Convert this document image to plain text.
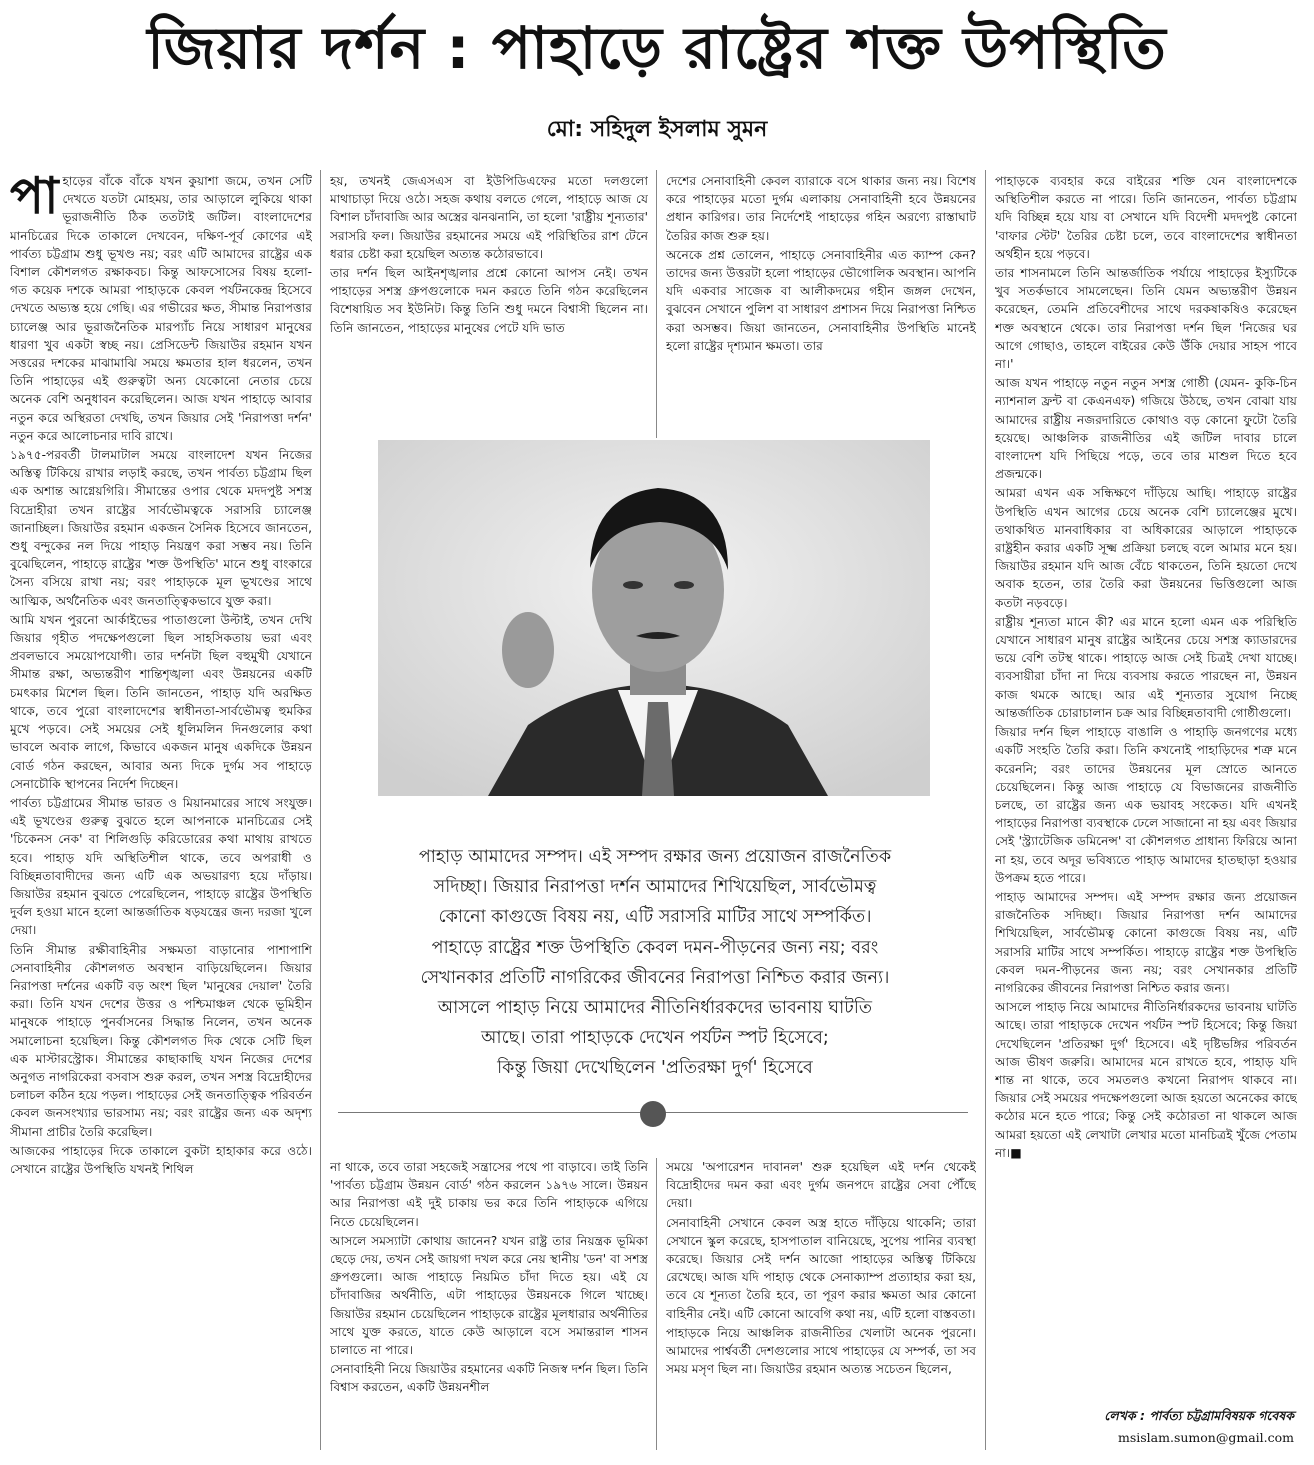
জিয়ার দর্শন : পাহাড়ে রাষ্ট্রের শক্ত উপস্থিতি
মো: সহিদুল ইসলাম সুমন
পা হাড়ের বাঁকে বাঁকে যখন কুয়াশা জমে, তখন সেটি দেখতে যতটা মোহময়, তার আড়ালে লুকিয়ে থাকা ভূরাজনীতি ঠিক ততটাই জটিল। বাংলাদেশের মানচিত্রের দিকে তাকালে দেখবেন, দক্ষিণ-পূর্ব কোণের এই পার্বত্য চট্টগ্রাম শুধু ভূখণ্ড নয়; বরং এটি আমাদের রাষ্ট্রের এক বিশাল কৌশলগত রক্ষাকবচ। কিন্তু আফসোসের বিষয় হলো- গত কয়েক দশকে আমরা পাহাড়কে কেবল পর্যটনকেন্দ্র হিসেবে দেখতে অভ্যস্ত হয়ে গেছি। এর গভীরের ক্ষত, সীমান্ত নিরাপত্তার চ্যালেঞ্জ আর ভূরাজনৈতিক মারপ্যাঁচ নিয়ে সাধারণ মানুষের ধারণা খুব একটা স্বচ্ছ নয়। প্রেসিডেন্ট জিয়াউর রহমান যখন সত্তরের দশকের মাঝামাঝি সময়ে ক্ষমতার হাল ধরলেন, তখন তিনি পাহাড়ের এই গুরুত্বটা অন্য যেকোনো নেতার চেয়ে অনেক বেশি অনুধাবন করেছিলেন। আজ যখন পাহাড়ে আবার নতুন করে অস্থিরতা দেখছি, তখন জিয়ার সেই 'নিরাপত্তা দর্শন' নতুন করে আলোচনার দাবি রাখে।

১৯৭৫-পরবর্তী টালমাটাল সময়ে বাংলাদেশ যখন নিজের অস্তিত্ব টিকিয়ে রাখার লড়াই করছে, তখন পার্বত্য চট্টগ্রাম ছিল এক অশান্ত আগ্নেয়গিরি। সীমান্তের ওপার থেকে মদদপুষ্ট সশস্ত্র বিদ্রোহীরা তখন রাষ্ট্রের সার্বভৌমত্বকে সরাসরি চ্যালেঞ্জ জানাচ্ছিল। জিয়াউর রহমান একজন সৈনিক হিসেবে জানতেন, শুধু বন্দুকের নল দিয়ে পাহাড় নিয়ন্ত্রণ করা সম্ভব নয়। তিনি বুঝেছিলেন, পাহাড়ে রাষ্ট্রের 'শক্ত উপস্থিতি' মানে শুধু বাংকারে সৈন্য বসিয়ে রাখা নয়; বরং পাহাড়কে মূল ভূখণ্ডের সাথে আত্মিক, অর্থনৈতিক এবং জনতাত্ত্বিকভাবে যুক্ত করা।

আমি যখন পুরনো আর্কাইভের পাতাগুলো উল্টাই, তখন দেখি জিয়ার গৃহীত পদক্ষেপগুলো ছিল সাহসিকতায় ভরা এবং প্রবলভাবে সময়োপযোগী। তার দর্শনটা ছিল বহুমুখী যেখানে সীমান্ত রক্ষা, অভ্যন্তরীণ শান্তিশৃঙ্খলা এবং উন্নয়নের একটি চমৎকার মিশেল ছিল। তিনি জানতেন, পাহাড় যদি অরক্ষিত থাকে, তবে পুরো বাংলাদেশের স্বাধীনতা-সার্বভৌমত্ব হুমকির মুখে পড়বে। সেই সময়ের সেই ধূলিমলিন দিনগুলোর কথা ভাবলে অবাক লাগে, কিভাবে একজন মানুষ একদিকে উন্নয়ন বোর্ড গঠন করছেন, আবার অন্য দিকে দুর্গম সব পাহাড়ে সেনাচৌকি স্থাপনের নির্দেশ দিচ্ছেন।

পার্বত্য চট্টগ্রামের সীমান্ত ভারত ও মিয়ানমারের সাথে সংযুক্ত। এই ভূখণ্ডের গুরুত্ব বুঝতে হলে আপনাকে মানচিত্রের সেই 'চিকেনস নেক' বা শিলিগুড়ি করিডোরের কথা মাথায় রাখতে হবে। পাহাড় যদি অস্থিতিশীল থাকে, তবে অপরাধী ও বিচ্ছিন্নতাবাদীদের জন্য এটি এক অভয়ারণ্য হয়ে দাঁড়ায়। জিয়াউর রহমান বুঝতে পেরেছিলেন, পাহাড়ে রাষ্ট্রের উপস্থিতি দুর্বল হওয়া মানে হলো আন্তর্জাতিক ষড়যন্ত্রের জন্য দরজা খুলে দেয়া।

তিনি সীমান্ত রক্ষীবাহিনীর সক্ষমতা বাড়ানোর পাশাপাশি সেনাবাহিনীর কৌশলগত অবস্থান বাড়িয়েছিলেন। জিয়ার নিরাপত্তা দর্শনের একটি বড় অংশ ছিল 'মানুষের দেয়াল' তৈরি করা। তিনি যখন দেশের উত্তর ও পশ্চিমাঞ্চল থেকে ভূমিহীন মানুষকে পাহাড়ে পুনর্বাসনের সিদ্ধান্ত নিলেন, তখন অনেক সমালোচনা হয়েছিল। কিন্তু কৌশলগত দিক থেকে সেটি ছিল এক মাস্টারস্ট্রোক। সীমান্তের কাছাকাছি যখন নিজের দেশের অনুগত নাগরিকেরা বসবাস শুরু করল, তখন সশস্ত্র বিদ্রোহীদের চলাচল কঠিন হয়ে পড়ল। পাহাড়ের সেই জনতাত্ত্বিক পরিবর্তন কেবল জনসংখ্যার ভারসাম্য নয়; বরং রাষ্ট্রের জন্য এক অদৃশ্য সীমানা প্রাচীর তৈরি করেছিল।

আজকের পাহাড়ের দিকে তাকালে বুকটা হাহাকার করে ওঠে। সেখানে রাষ্ট্রের উপস্থিতি যখনই শিথিল

হয়, তখনই জেএসএস বা ইউপিডিএফের মতো দলগুলো মাথাচাড়া দিয়ে ওঠে। সহজ কথায় বলতে গেলে, পাহাড়ে আজ যে বিশাল চাঁদাবাজি আর অস্ত্রের ঝনঝনানি, তা হলো 'রাষ্ট্রীয় শূন্যতার' সরাসরি ফল। জিয়াউর রহমানের সময়ে এই পরিস্থিতির রাশ টেনে ধরার চেষ্টা করা হয়েছিল অত্যন্ত কঠোরভাবে।

তার দর্শন ছিল আইনশৃঙ্খলার প্রশ্নে কোনো আপস নেই। তখন পাহাড়ের সশস্ত্র গ্রুপগুলোকে দমন করতে তিনি গঠন করেছিলেন বিশেষায়িত সব ইউনিট। কিন্তু তিনি শুধু দমনে বিশ্বাসী ছিলেন না। তিনি জানতেন, পাহাড়ের মানুষের পেটে যদি ভাত

দেশের সেনাবাহিনী কেবল ব্যারাকে বসে থাকার জন্য নয়। বিশেষ করে পাহাড়ের মতো দুর্গম এলাকায় সেনাবাহিনী হবে উন্নয়নের প্রধান কারিগর। তার নির্দেশেই পাহাড়ের গহিন অরণ্যে রাস্তাঘাট তৈরির কাজ শুরু হয়।

অনেকে প্রশ্ন তোলেন, পাহাড়ে সেনাবাহিনীর এত ক্যাম্প কেন? তাদের জন্য উত্তরটা হলো পাহাড়ের ভৌগোলিক অবস্থান। আপনি যদি একবার সাজেক বা আলীকদমের গহীন জঙ্গল দেখেন, বুঝবেন সেখানে পুলিশ বা সাধারণ প্রশাসন দিয়ে নিরাপত্তা নিশ্চিত করা অসম্ভব। জিয়া জানতেন, সেনাবাহিনীর উপস্থিতি মানেই হলো রাষ্ট্রের দৃশ্যমান ক্ষমতা। তার

পাহাড় আমাদের সম্পদ। এই সম্পদ রক্ষার জন্য প্রয়োজন রাজনৈতিক
সদিচ্ছা। জিয়ার নিরাপত্তা দর্শন আমাদের শিখিয়েছিল, সার্বভৌমত্ব
কোনো কাগুজে বিষয় নয়, এটি সরাসরি মাটির সাথে সম্পর্কিত।
পাহাড়ে রাষ্ট্রের শক্ত উপস্থিতি কেবল দমন-পীড়নের জন্য নয়; বরং
সেখানকার প্রতিটি নাগরিকের জীবনের নিরাপত্তা নিশ্চিত করার জন্য।
আসলে পাহাড় নিয়ে আমাদের নীতিনির্ধারকদের ভাবনায় ঘাটতি
আছে। তারা পাহাড়কে দেখেন পর্যটন স্পট হিসেবে;
কিন্তু জিয়া দেখেছিলেন 'প্রতিরক্ষা দুর্গ' হিসেবে

না থাকে, তবে তারা সহজেই সন্ত্রাসের পথে পা বাড়াবে। তাই তিনি 'পার্বত্য চট্টগ্রাম উন্নয়ন বোর্ড' গঠন করলেন ১৯৭৬ সালে। উন্নয়ন আর নিরাপত্তা এই দুই চাকায় ভর করে তিনি পাহাড়কে এগিয়ে নিতে চেয়েছিলেন।

আসলে সমস্যাটা কোথায় জানেন? যখন রাষ্ট্র তার নিয়ন্ত্রক ভূমিকা ছেড়ে দেয়, তখন সেই জায়গা দখল করে নেয় স্থানীয় 'ডন' বা সশস্ত্র গ্রুপগুলো। আজ পাহাড়ে নিয়মিত চাঁদা দিতে হয়। এই যে চাঁদাবাজির অর্থনীতি, এটা পাহাড়ের উন্নয়নকে গিলে খাচ্ছে। জিয়াউর রহমান চেয়েছিলেন পাহাড়কে রাষ্ট্রের মূলধারার অর্থনীতির সাথে যুক্ত করতে, যাতে কেউ আড়ালে বসে সমান্তরাল শাসন চালাতে না পারে।

সেনাবাহিনী নিয়ে জিয়াউর রহমানের একটি নিজস্ব দর্শন ছিল। তিনি বিশ্বাস করতেন, একটি উন্নয়নশীল

সময়ে 'অপারেশন দাবানল' শুরু হয়েছিল এই দর্শন থেকেই বিদ্রোহীদের দমন করা এবং দুর্গম জনপদে রাষ্ট্রের সেবা পৌঁছে দেয়া।

সেনাবাহিনী সেখানে কেবল অস্ত্র হাতে দাঁড়িয়ে থাকেনি; তারা সেখানে স্কুল করেছে, হাসপাতাল বানিয়েছে, সুপেয় পানির ব্যবস্থা করেছে। জিয়ার সেই দর্শন আজো পাহাড়ের অস্তিত্ব টিকিয়ে রেখেছে। আজ যদি পাহাড় থেকে সেনাক্যাম্প প্রত্যাহার করা হয়, তবে যে শূন্যতা তৈরি হবে, তা পূরণ করার ক্ষমতা আর কোনো বাহিনীর নেই। এটি কোনো আবেগি কথা নয়, এটি হলো বাস্তবতা।

পাহাড়কে নিয়ে আঞ্চলিক রাজনীতির খেলাটা অনেক পুরনো। আমাদের পার্শ্ববর্তী দেশগুলোর সাথে পাহাড়ের যে সম্পর্ক, তা সব সময় মসৃণ ছিল না। জিয়াউর রহমান অত্যন্ত সচেতন ছিলেন,

পাহাড়কে ব্যবহার করে বাইরের শক্তি যেন বাংলাদেশকে অস্থিতিশীল করতে না পারে। তিনি জানতেন, পার্বত্য চট্টগ্রাম যদি বিচ্ছিন্ন হয়ে যায় বা সেখানে যদি বিদেশী মদদপুষ্ট কোনো 'বাফার স্টেট' তৈরির চেষ্টা চলে, তবে বাংলাদেশের স্বাধীনতা অর্থহীন হয়ে পড়বে।

তার শাসনামলে তিনি আন্তর্জাতিক পর্যায়ে পাহাড়ের ইস্যুটিকে খুব সতর্কভাবে সামলেছেন। তিনি যেমন অভ্যন্তরীণ উন্নয়ন করেছেন, তেমনি প্রতিবেশীদের সাথে দরকষাকষিও করেছেন শক্ত অবস্থানে থেকে। তার নিরাপত্তা দর্শন ছিল 'নিজের ঘর আগে গোছাও, তাহলে বাইরের কেউ উঁকি দেয়ার সাহস পাবে না।'

আজ যখন পাহাড়ে নতুন নতুন সশস্ত্র গোষ্ঠী (যেমন- কুকি-চিন ন্যাশনাল ফ্রন্ট বা কেএনএফ) গজিয়ে উঠছে, তখন বোঝা যায় আমাদের রাষ্ট্রীয় নজরদারিতে কোথাও বড় কোনো ফুটো তৈরি হয়েছে। আঞ্চলিক রাজনীতির এই জটিল দাবার চালে বাংলাদেশ যদি পিছিয়ে পড়ে, তবে তার মাশুল দিতে হবে প্রজন্মকে।

আমরা এখন এক সন্ধিক্ষণে দাঁড়িয়ে আছি। পাহাড়ে রাষ্ট্রের উপস্থিতি এখন আগের চেয়ে অনেক বেশি চ্যালেঞ্জের মুখে। তথাকথিত মানবাধিকার বা অধিকারের আড়ালে পাহাড়কে রাষ্ট্রহীন করার একটি সূক্ষ্ম প্রক্রিয়া চলছে বলে আমার মনে হয়। জিয়াউর রহমান যদি আজ বেঁচে থাকতেন, তিনি হয়তো দেখে অবাক হতেন, তার তৈরি করা উন্নয়নের ভিত্তিগুলো আজ কতটা নড়বড়ে।

রাষ্ট্রীয় শূন্যতা মানে কী? এর মানে হলো এমন এক পরিস্থিতি যেখানে সাধারণ মানুষ রাষ্ট্রের আইনের চেয়ে সশস্ত্র ক্যাডারদের ভয়ে বেশি তটস্থ থাকে। পাহাড়ে আজ সেই চিত্রই দেখা যাচ্ছে। ব্যবসায়ীরা চাঁদা না দিয়ে ব্যবসায় করতে পারছেন না, উন্নয়ন কাজ থমকে আছে। আর এই শূন্যতার সুযোগ নিচ্ছে আন্তর্জাতিক চোরাচালান চক্র আর বিচ্ছিন্নতাবাদী গোষ্ঠীগুলো।

জিয়ার দর্শন ছিল পাহাড়ে বাঙালি ও পাহাড়ি জনগণের মধ্যে একটি সংহতি তৈরি করা। তিনি কখনোই পাহাড়িদের শত্রু মনে করেননি; বরং তাদের উন্নয়নের মূল স্রোতে আনতে চেয়েছিলেন। কিন্তু আজ পাহাড়ে যে বিভাজনের রাজনীতি চলছে, তা রাষ্ট্রের জন্য এক ভয়াবহ সংকেত। যদি এখনই পাহাড়ের নিরাপত্তা ব্যবস্থাকে ঢেলে সাজানো না হয় এবং জিয়ার সেই 'স্ট্র্যাটেজিক ডমিনেন্স' বা কৌশলগত প্রাধান্য ফিরিয়ে আনা না হয়, তবে অদূর ভবিষ্যতে পাহাড় আমাদের হাতছাড়া হওয়ার উপক্রম হতে পারে।

পাহাড় আমাদের সম্পদ। এই সম্পদ রক্ষার জন্য প্রয়োজন রাজনৈতিক সদিচ্ছা। জিয়ার নিরাপত্তা দর্শন আমাদের শিখিয়েছিল, সার্বভৌমত্ব কোনো কাগুজে বিষয় নয়, এটি সরাসরি মাটির সাথে সম্পর্কিত। পাহাড়ে রাষ্ট্রের শক্ত উপস্থিতি কেবল দমন-পীড়নের জন্য নয়; বরং সেখানকার প্রতিটি নাগরিকের জীবনের নিরাপত্তা নিশ্চিত করার জন্য।

আসলে পাহাড় নিয়ে আমাদের নীতিনির্ধারকদের ভাবনায় ঘাটতি আছে। তারা পাহাড়কে দেখেন পর্যটন স্পট হিসেবে; কিন্তু জিয়া দেখেছিলেন 'প্রতিরক্ষা দুর্গ' হিসেবে। এই দৃষ্টিভঙ্গির পরিবর্তন আজ ভীষণ জরুরি। আমাদের মনে রাখতে হবে, পাহাড় যদি শান্ত না থাকে, তবে সমতলও কখনো নিরাপদ থাকবে না। জিয়ার সেই সময়ের পদক্ষেপগুলো আজ হয়তো অনেকের কাছে কঠোর মনে হতে পারে; কিন্তু সেই কঠোরতা না থাকলে আজ আমরা হয়তো এই লেখাটা লেখার মতো মানচিত্রই খুঁজে পেতাম না।■

লেখক : পার্বত্য চট্টগ্রামবিষয়ক গবেষক
msislam.sumon@gmail.com
